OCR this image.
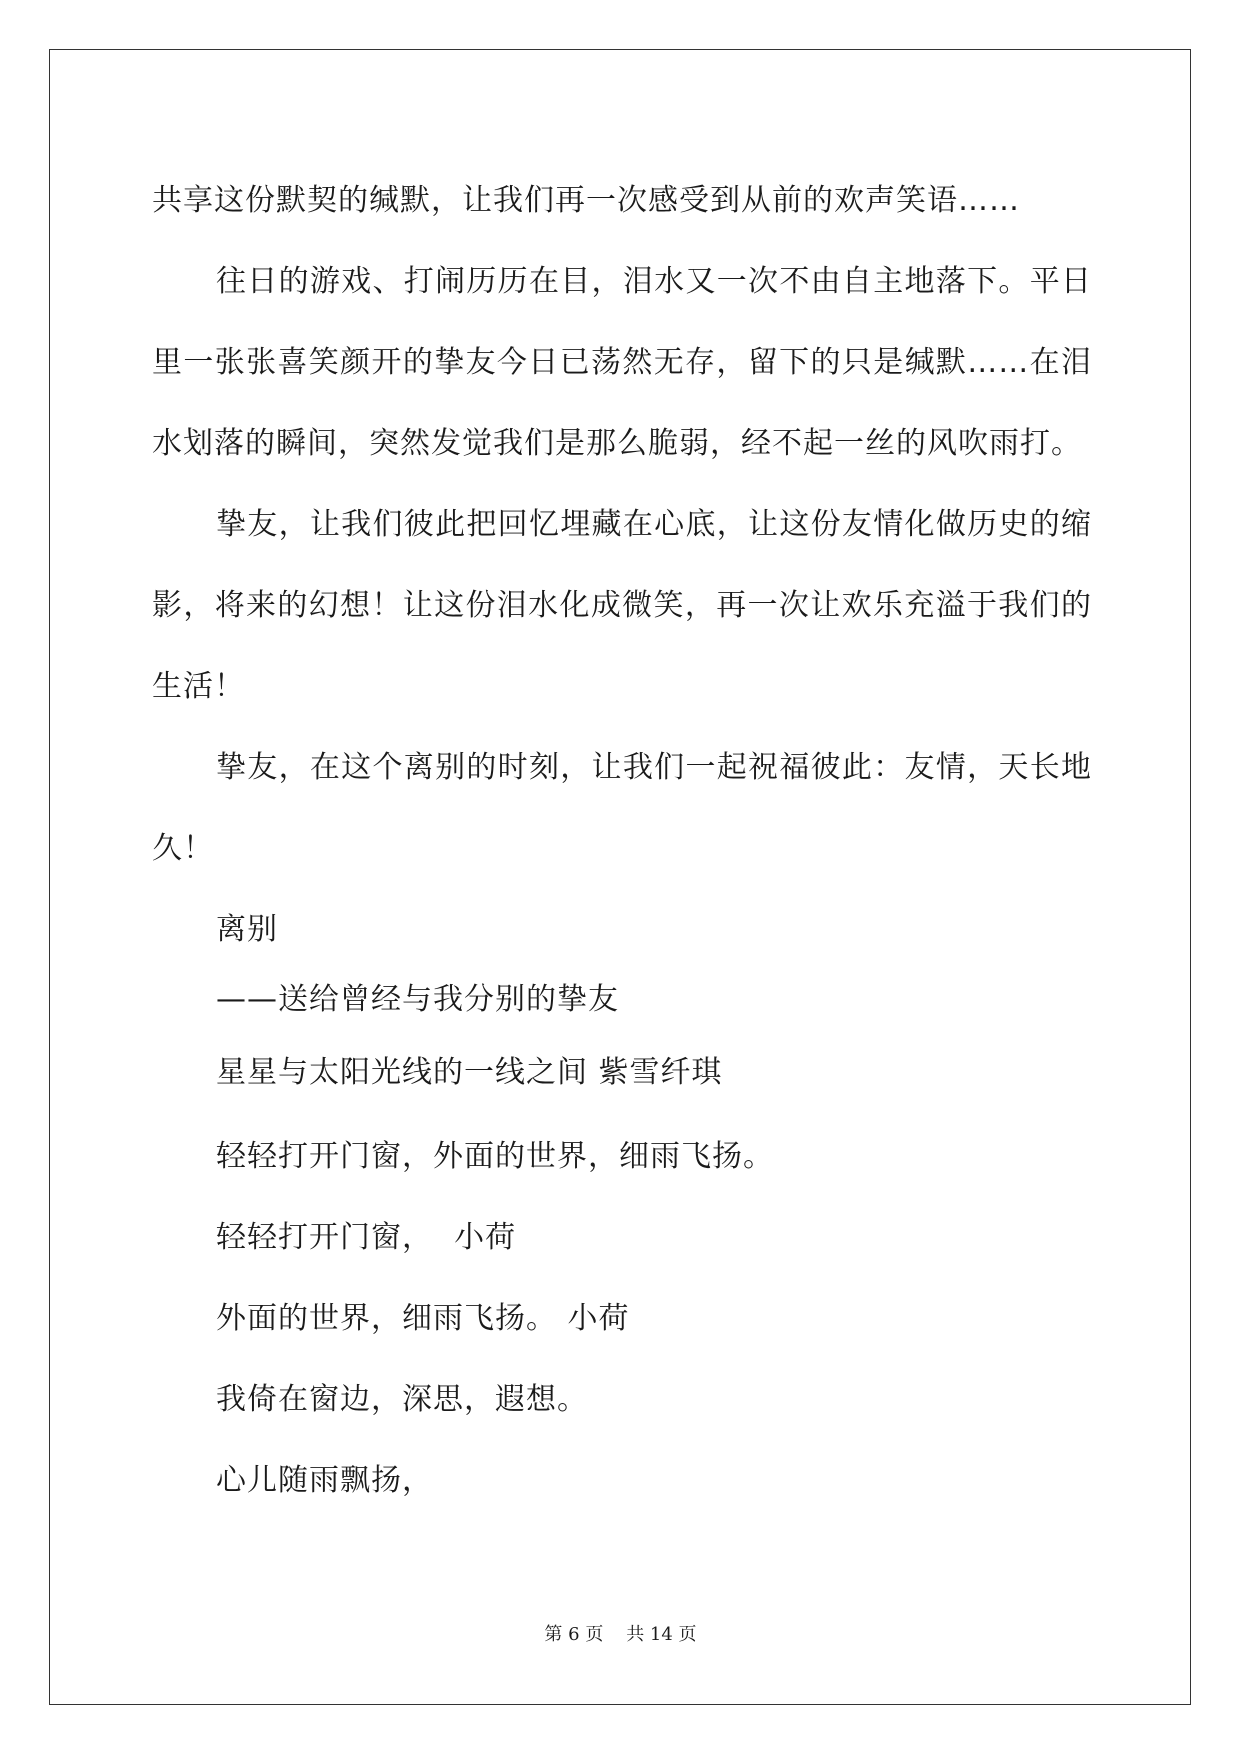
共享这份默契的缄默，让我们再一次感受到从前的欢声笑语……

往日的游戏、打闹历历在目，泪水又一次不由自主地落下。平日里一张张喜笑颜开的挚友今日已荡然无存，留下的只是缄默……在泪水划落的瞬间，突然发觉我们是那么脆弱，经不起一丝的风吹雨打。

挚友，让我们彼此把回忆埋藏在心底，让这份友情化做历史的缩影，将来的幻想！让这份泪水化成微笑，再一次让欢乐充溢于我们的生活！

挚友，在这个离别的时刻，让我们一起祝福彼此：友情，天长地久！

离别

——送给曾经与我分别的挚友

星星与太阳光线的一线之间 紫雪纤琪

轻轻打开门窗，外面的世界，细雨飞扬。

轻轻打开门窗，  小荷

外面的世界，细雨飞扬。 小荷

我倚在窗边，深思，遐想。

心儿随雨飘扬，

第 6 页    共 14 页
